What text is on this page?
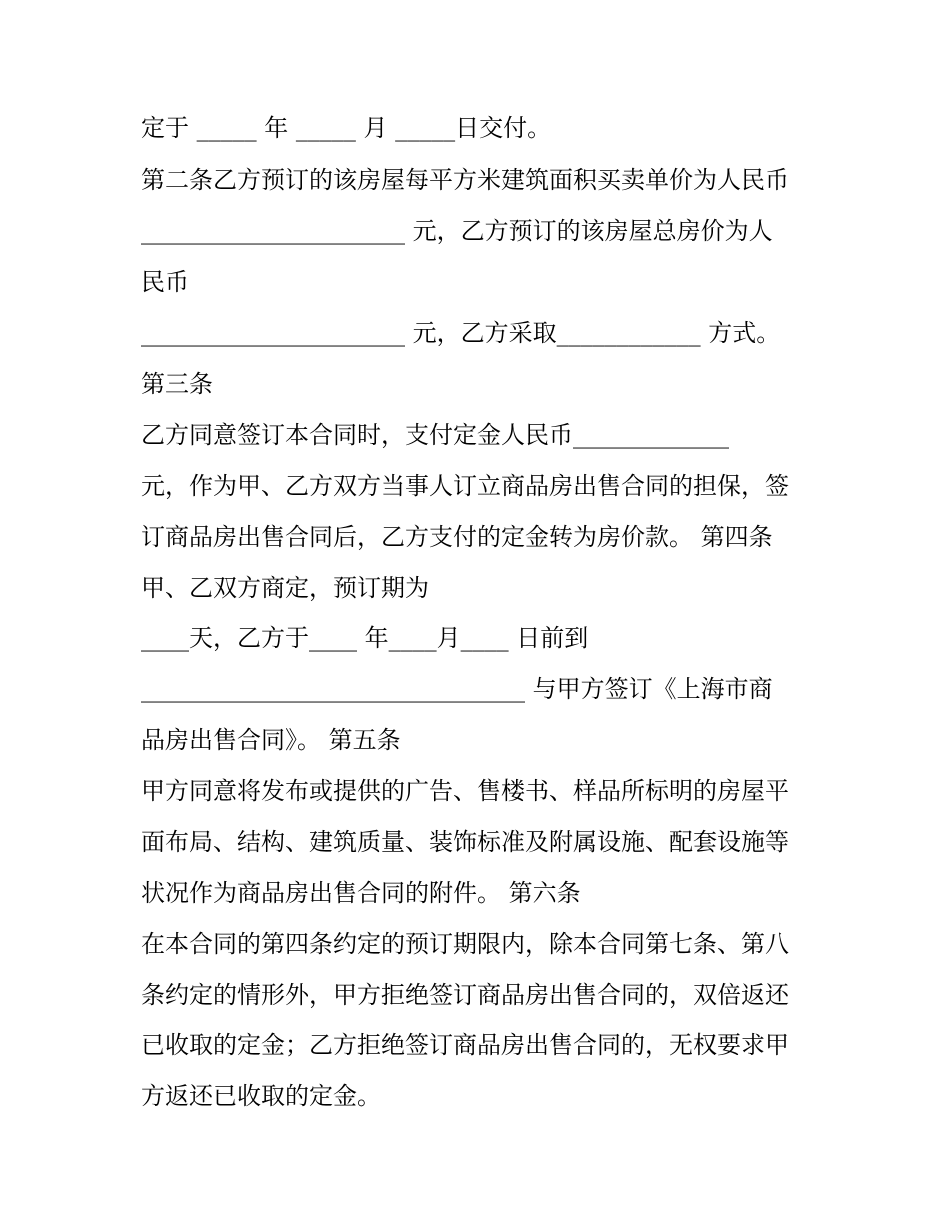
定于 _____ 年 _____ 月 _____日交付。
第二条乙方预订的该房屋每平方米建筑面积买卖单价为人民币
______________________ 元，乙方预订的该房屋总房价为人
民币
______________________ 元，乙方采取____________ 方式。
第三条
乙方同意签订本合同时，支付定金人民币_____________
元，作为甲、乙方双方当事人订立商品房出售合同的担保，签
订商品房出售合同后，乙方支付的定金转为房价款。 第四条
甲、乙双方商定，预订期为
____天，乙方于____ 年____月____ 日前到
________________________________ 与甲方签订《上海市商
品房出售合同》。 第五条
甲方同意将发布或提供的广告、售楼书、样品所标明的房屋平
面布局、结构、建筑质量、装饰标准及附属设施、配套设施等
状况作为商品房出售合同的附件。 第六条
在本合同的第四条约定的预订期限内，除本合同第七条、第八
条约定的情形外，甲方拒绝签订商品房出售合同的，双倍返还
已收取的定金；乙方拒绝签订商品房出售合同的，无权要求甲
方返还已收取的定金。
